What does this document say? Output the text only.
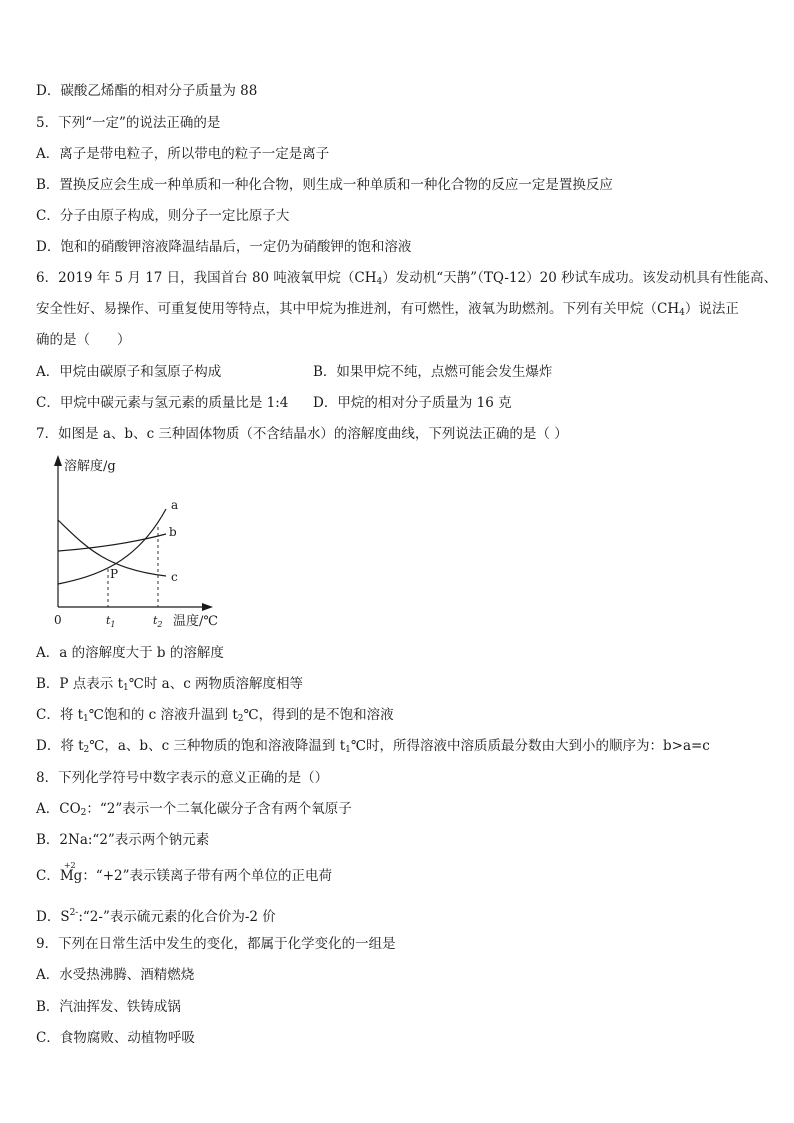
D．碳酸乙烯酯的相对分子质量为 88
5．下列“一定”的说法正确的是
A．离子是带电粒子，所以带电的粒子一定是离子
B．置换反应会生成一种单质和一种化合物，则生成一种单质和一种化合物的反应一定是置换反应
C．分子由原子构成，则分子一定比原子大
D．饱和的硝酸钾溶液降温结晶后，一定仍为硝酸钾的饱和溶液
6．2019 年 5 月 17 日，我国首台 80 吨液氧甲烷$(CH_4)$发动机“天鹊”（TQ-12）20 秒试车成功。该发动机具有性能高、
安全性好、易操作、可重复使用等特点，其中甲烷为推进剂，有可燃性，液氧为助燃剂。下列有关甲烷$(CH_4)$说法正
确的是（　　）
A．甲烷由碳原子和氢原子构成	B．如果甲烷不纯，点燃可能会发生爆炸
C．甲烷中碳元素与氢元素的质量比是 1:4 D．甲烷的相对分子质量为 16 克
7．如图是 a、b、c 三种固体物质（不含结晶水）的溶解度曲线，下列说法正确的是（ ）
溶解度/g
0	温度/℃
$t_1$	$t_2$
a
b
c
P
A．a 的溶解度大于 b 的溶解度
B．P 点表示 $t_1℃$时 a、c 两物质溶解度相等
C．将 $t_1℃$饱和的 c 溶液升温到 $t_2℃$，得到的是不饱和溶液
D．将 $t_2℃$，a、b、c 三种物质的饱和溶液降温到 $t_1℃$时，所得溶液中溶质质最分数由大到小的顺序为：b>a=c
8．下列化学符号中数字表示的意义正确的是（）
A．$CO_2$：“2”表示一个二氧化碳分子含有两个氧原子
B．2Na:“2”表示两个钠元素
C．
+2
Mg：“+2”表示镁离子带有两个单位的正电荷
D．$S^{2-}:“2-$”表示硫元素的化合价为-2 价
9．下列在日常生活中发生的变化，都属于化学变化的一组是
A．水受热沸腾、酒精燃烧
B．汽油挥发、铁铸成锅
C．食物腐败、动植物呼吸
